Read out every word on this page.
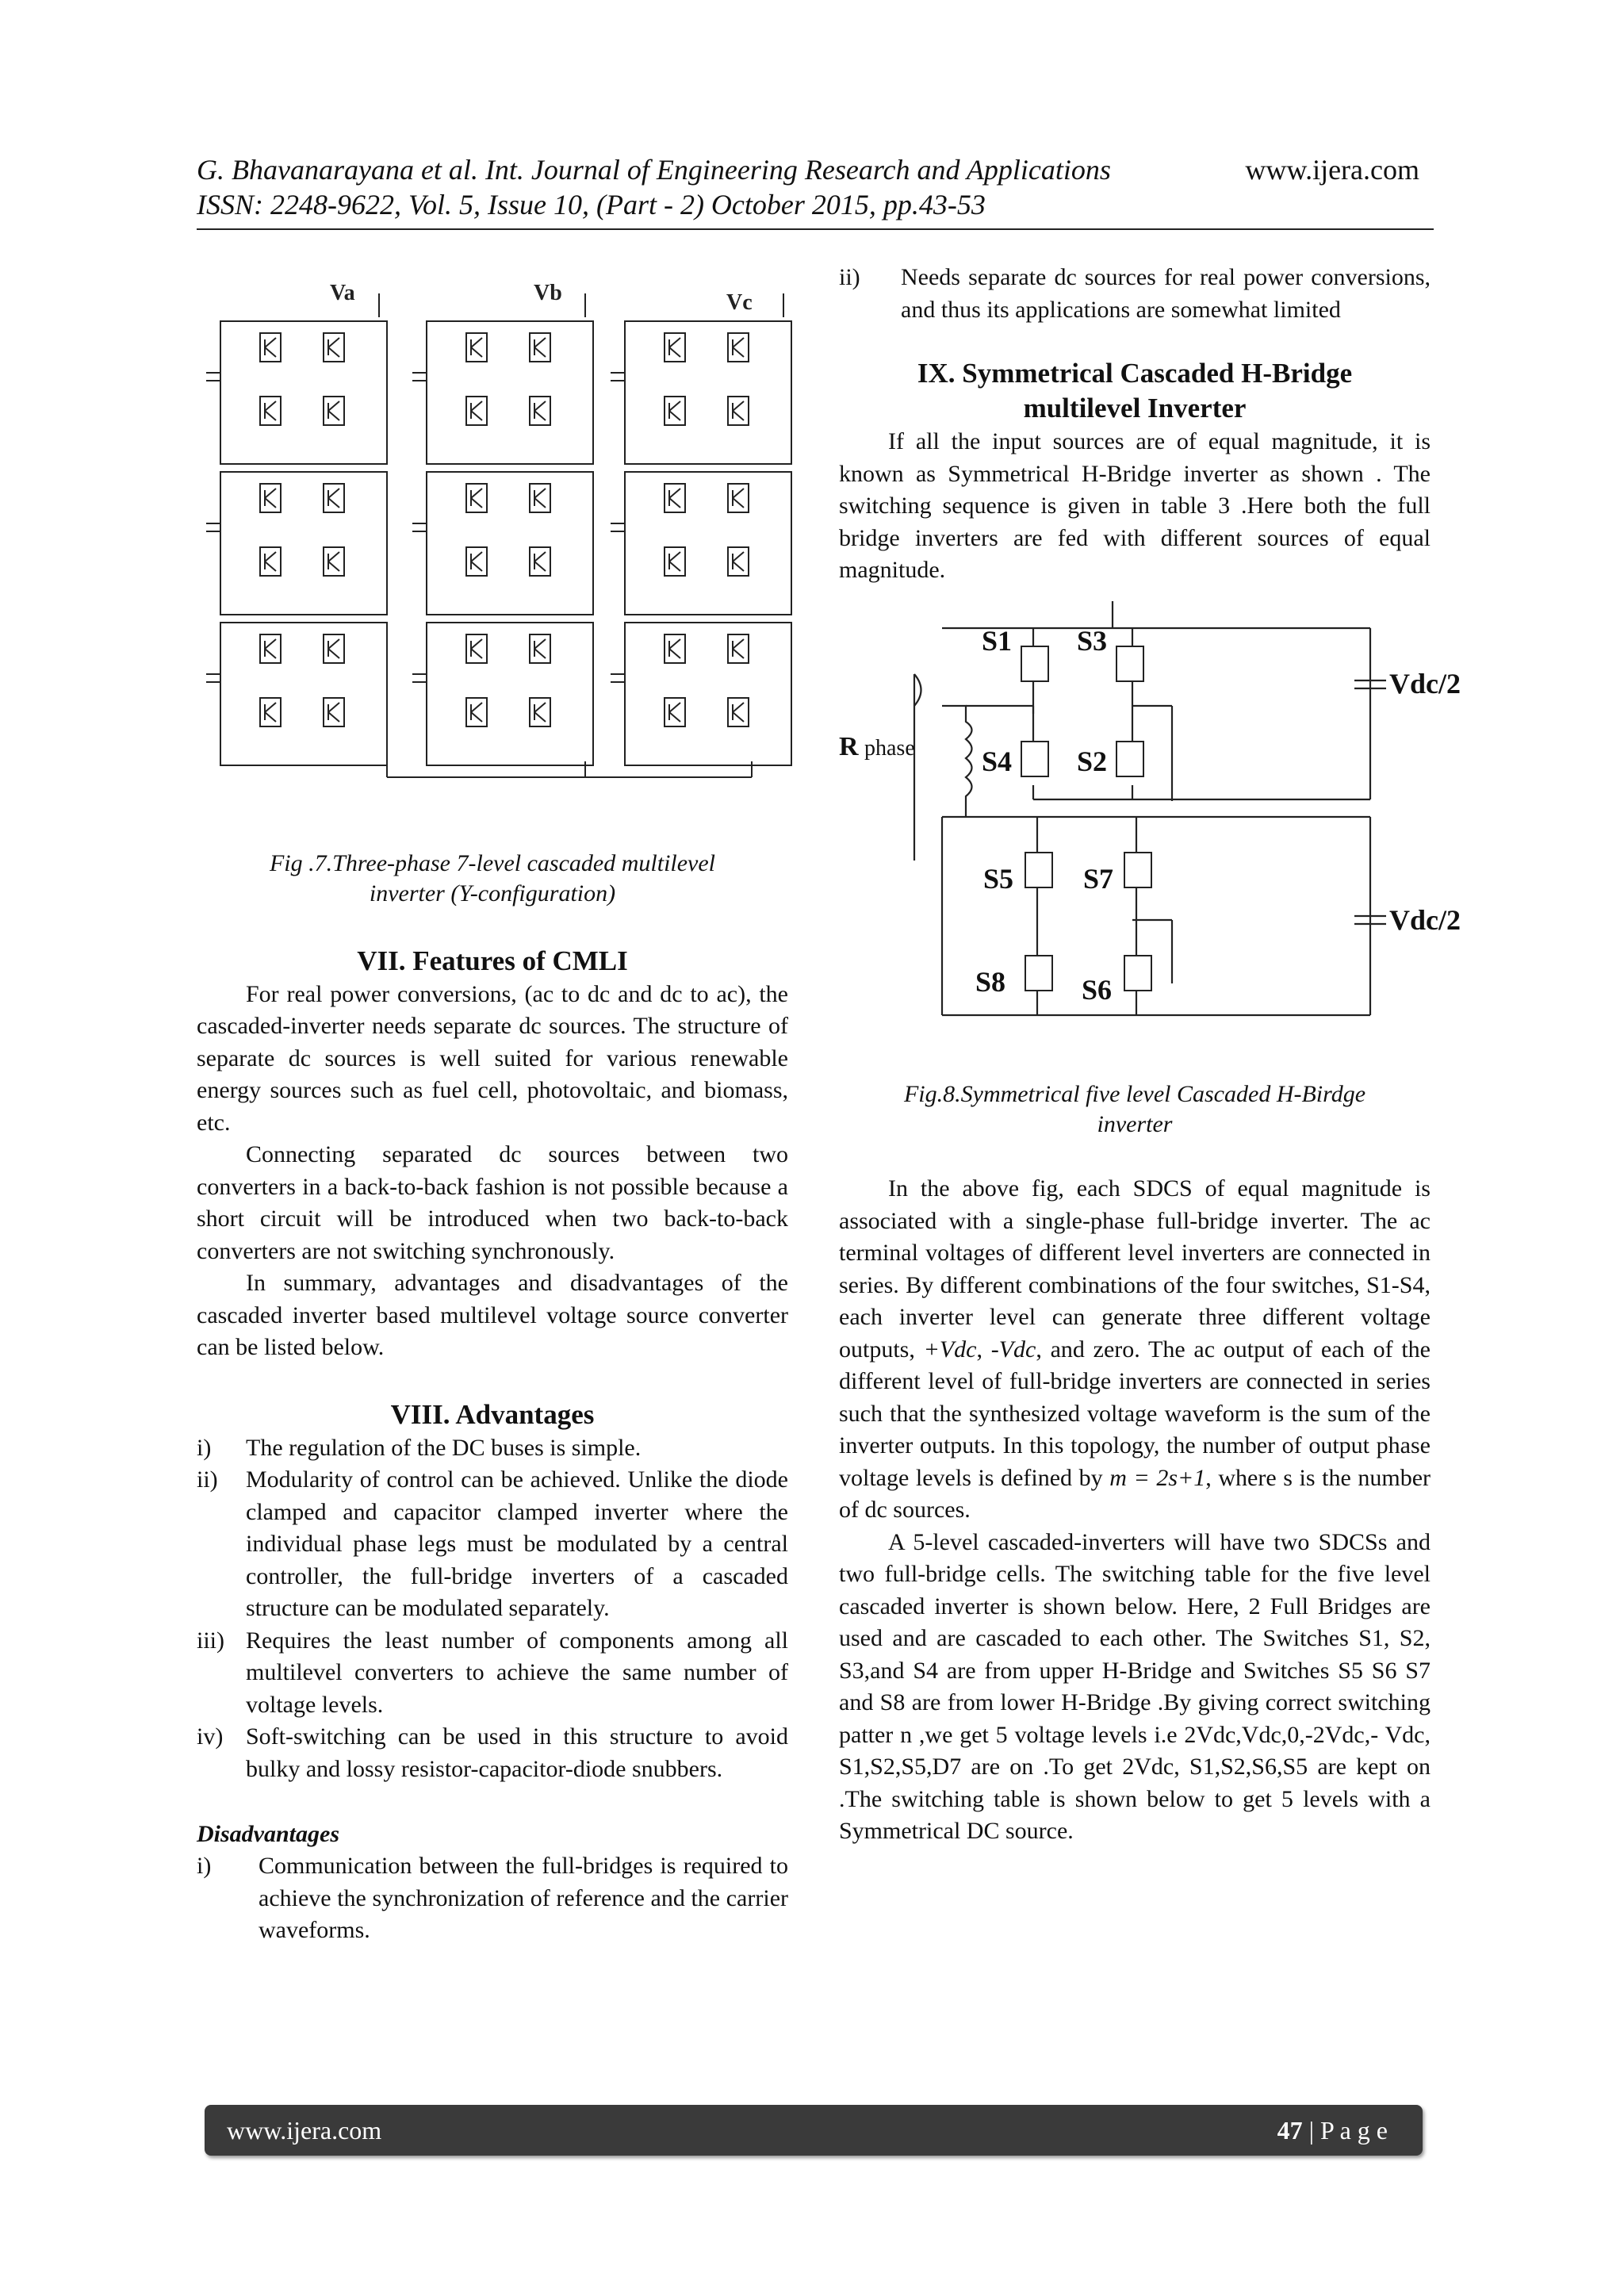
G. Bhavanarayana et al. Int. Journal of Engineering Research and Applications	www.ijera.com
ISSN: 2248-9622, Vol. 5, Issue 10, (Part - 2) October 2015, pp.43-53
Va	Vb	Vc
Fig .7.Three-phase 7-level cascaded multilevel
inverter (Y-configuration)
VII. Features of CMLI

For real power conversions, (ac to dc and dc to ac), the cascaded-inverter needs separate dc sources. The structure of separate dc sources is well suited for various renewable energy sources such as fuel cell, photovoltaic, and biomass, etc.

Connecting separated dc sources between two converters in a back-to-back fashion is not possible because a short circuit will be introduced when two back-to-back converters are not switching synchronously.

In summary, advantages and disadvantages of the cascaded inverter based multilevel voltage source converter can be listed below.

VIII. Advantages
i)	The regulation of the DC buses is simple.
ii)	Modularity of control can be achieved. Unlike the diode clamped and capacitor clamped inverter where the individual phase legs must be modulated by a central controller, the full-bridge inverters of a cascaded structure can be modulated separately.
iii) Requires the least number of components among all multilevel converters to achieve the same number of voltage levels.
iv) Soft-switching can be used in this structure to avoid bulky and lossy resistor-capacitor-diode snubbers.
Disadvantages
i)	Communication between the full-bridges is required to achieve the synchronization of reference and the carrier waveforms.
ii)	Needs separate dc sources for real power conversions, and thus its applications are somewhat limited
IX. Symmetrical Cascaded H-Bridge
multilevel Inverter

If all the input sources are of equal magnitude, it is known as Symmetrical H-Bridge inverter as shown . The switching sequence is given in table 3 .Here both the full bridge inverters are fed with different sources of equal magnitude.

S1 S3
S4 S2
S5 S7
S8	S6
Vdc/2
Vdc/2
R phase
Fig.8.Symmetrical five level Cascaded H-Birdge
inverter

In the above fig, each SDCS of equal magnitude is associated with a single-phase full-bridge inverter. The ac terminal voltages of different level inverters are connected in series. By different combinations of the four switches, S1-S4, each inverter level can generate three different voltage outputs, +Vdc, -Vdc, and zero. The ac output of each of the different level of full-bridge inverters are connected in series such that the synthesized voltage waveform is the sum of the inverter outputs. In this topology, the number of output phase voltage levels is defined by m = 2s+1, where s is the number of dc sources.

A 5-level cascaded-inverters will have two SDCSs and two full-bridge cells. The switching table for the five level cascaded inverter is shown below. Here, 2 Full Bridges are used and are cascaded to each other. The Switches S1, S2, S3,and S4 are from upper H-Bridge and Switches S5 S6 S7 and S8 are from lower H-Bridge .By giving correct switching patter n ,we get 5 voltage levels i.e 2Vdc,Vdc,0,-2Vdc,- Vdc, S1,S2,S5,D7 are on .To get 2Vdc, S1,S2,S6,S5 are kept on .The switching table is shown below to get 5 levels with a Symmetrical DC source.

www.ijera.com	47 | P a g e
